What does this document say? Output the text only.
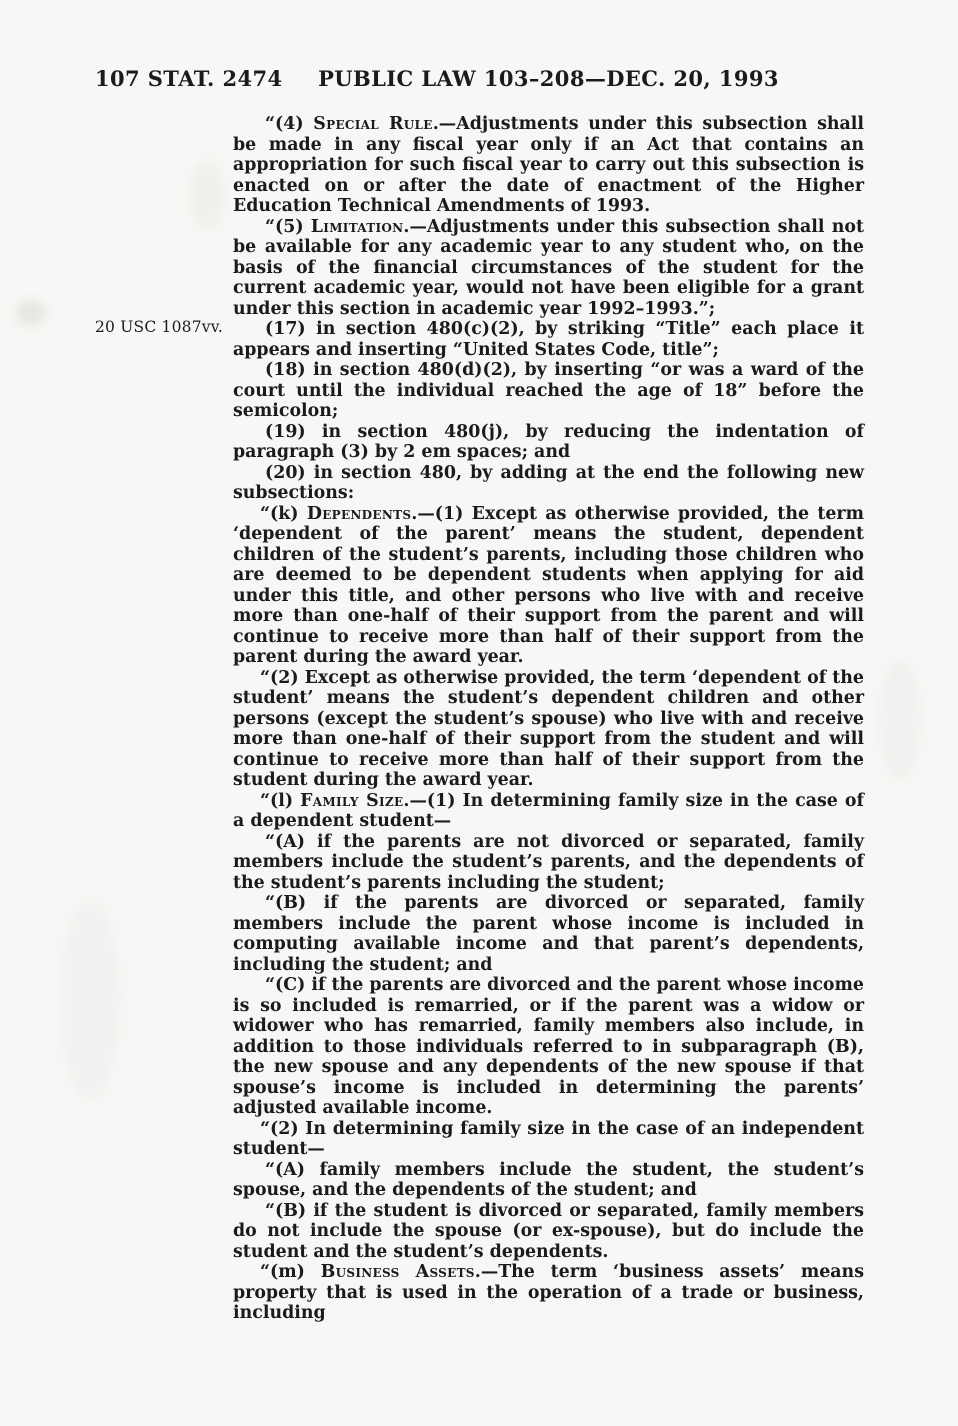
107 STAT. 2474	PUBLIC LAW 103–208—DEC. 20, 1993
20 USC 1087vv.

“(4) Special Rule.—Adjustments under this subsection shall be made in any fiscal year only if an Act that contains an appropriation for such fiscal year to carry out this subsection is enacted on or after the date of enactment of the Higher Education Technical Amendments of 1993.

“(5) Limitation.—Adjustments under this subsection shall not be available for any academic year to any student who, on the basis of the financial circumstances of the student for the current academic year, would not have been eligible for a grant under this section in academic year 1992–1993.”;

(17) in section 480(c)(2), by striking “Title” each place it appears and inserting “United States Code, title”;

(18) in section 480(d)(2), by inserting “or was a ward of the court until the individual reached the age of 18” before the semicolon;

(19) in section 480(j), by reducing the indentation of paragraph (3) by 2 em spaces; and

(20) in section 480, by adding at the end the following new subsections:

“(k) Dependents.—(1) Except as otherwise provided, the term ‘dependent of the parent’ means the student, dependent children of the student’s parents, including those children who are deemed to be dependent students when applying for aid under this title, and other persons who live with and receive more than one-half of their support from the parent and will continue to receive more than half of their support from the parent during the award year.

“(2) Except as otherwise provided, the term ‘dependent of the student’ means the student’s dependent children and other persons (except the student’s spouse) who live with and receive more than one-half of their support from the student and will continue to receive more than half of their support from the student during the award year.

“(l) Family Size.—(1) In determining family size in the case of a dependent student—

“(A) if the parents are not divorced or separated, family members include the student’s parents, and the dependents of the student’s parents including the student;

“(B) if the parents are divorced or separated, family members include the parent whose income is included in computing available income and that parent’s dependents, including the student; and

“(C) if the parents are divorced and the parent whose income is so included is remarried, or if the parent was a widow or widower who has remarried, family members also include, in addition to those individuals referred to in subparagraph (B), the new spouse and any dependents of the new spouse if that spouse’s income is included in determining the parents’ adjusted available income.

“(2) In determining family size in the case of an independent student—

“(A) family members include the student, the student’s spouse, and the dependents of the student; and

“(B) if the student is divorced or separated, family members do not include the spouse (or ex-spouse), but do include the student and the student’s dependents.

“(m) Business Assets.—The term ‘business assets’ means property that is used in the operation of a trade or business, including
